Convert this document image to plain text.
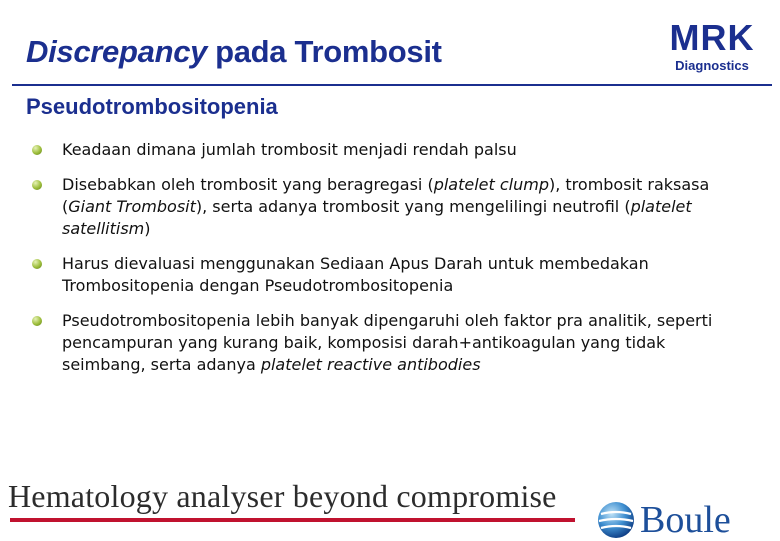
Discrepancy pada Trombosit	MRK
Diagnostics
Pseudotrombositopenia
Keadaan dimana jumlah trombosit menjadi rendah palsu
Disebabkan oleh trombosit yang beragregasi (platelet clump), trombosit raksasa (Giant Trombosit), serta adanya trombosit yang mengelilingi neutrofil (platelet satellitism)
Harus dievaluasi menggunakan Sediaan Apus Darah untuk membedakan Trombositopenia dengan Pseudotrombositopenia
Pseudotrombositopenia lebih banyak dipengaruhi oleh faktor pra analitik, seperti pencampuran yang kurang baik, komposisi darah+antikoagulan yang tidak seimbang, serta adanya platelet reactive antibodies

Hematology analyser beyond compromise

Boule
